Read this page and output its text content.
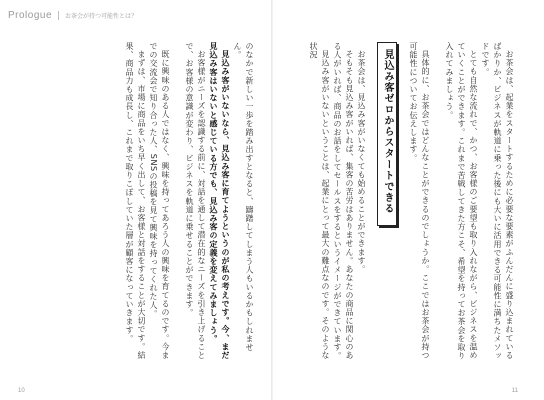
Prologue お茶会が持つ可能性とは？

お茶会は、起業をスタートするために必要な要素がふんだんに盛り込まれているばかりか、ビジネスが軌道に乗った後にも大いに活用できる可能性に満ちたメソッドです。

とても自然な流れで、かつ、お客様のご要望も取り入れながら、ビジネスを温めていくことができます。これまで苦戦してきた方こそ、希望を持ってお茶会を取り入れてみましょう。

具体的に、お茶会ではどんなことができるのでしょうか。ここではお茶会が持つ可能性についてお伝えします。

見込み客ゼロからスタートできる

お茶会は、見込み客がいなくても始めることができます。

そもそも見込み客がいれば、集客の苦労はありません。あなたの商品に関心のある人がいれば、商品のお話をしてセールスをするというイメージができています。

見込み客がいないということは、起業にとって最大の難点なのです。そのような状況

のなかで新しい一歩を踏み出すとなると、躊躇してしまう人もいるかもしれません。

見込み客がいないなら、見込み客に育てようというのが私の考えです。今、まだ見込み客はいないと感じている方でも、見込み客の定義を変えてみましょう。

お客様がニーズを認識する前に、対話を通して潜在的なニーズを引き上げることで、お客様の意識が変わり、ビジネスを軌道に乗せることができます。

既に興味のある人ではなく、興味を持ってあろう人の興味を育てるのです。今までの交流会で知り合った人、SNSの投稿を見て興味を持ってくれた人。

まずは、市場に商品をいち早く出して、お客様と対話をすることが大切です。結果、商品力も成長し、これまで取りこぼしていた層が顧客になっていきます。

10	11
